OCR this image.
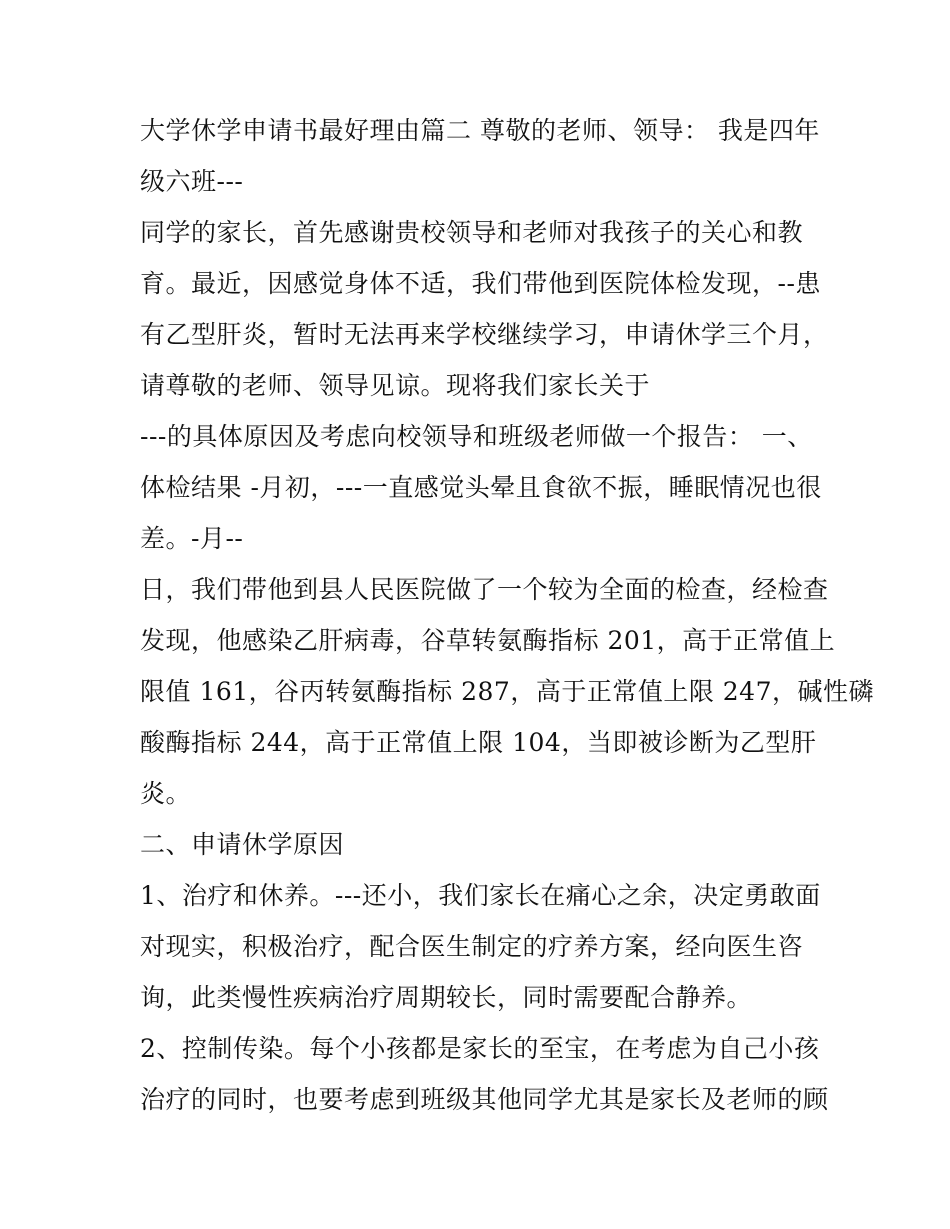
大学休学申请书最好理由篇二 尊敬的老师、领导： 我是四年
级六班---
同学的家长，首先感谢贵校领导和老师对我孩子的关心和教
育。最近，因感觉身体不适，我们带他到医院体检发现，--患
有乙型肝炎，暂时无法再来学校继续学习，申请休学三个月，
请尊敬的老师、领导见谅。现将我们家长关于
---的具体原因及考虑向校领导和班级老师做一个报告： 一、
体检结果 -月初，---一直感觉头晕且食欲不振，睡眠情况也很
差。-月--
日，我们带他到县人民医院做了一个较为全面的检查，经检查
发现，他感染乙肝病毒，谷草转氨酶指标 201，高于正常值上
限值 161，谷丙转氨酶指标 287，高于正常值上限 247，碱性磷
酸酶指标 244，高于正常值上限 104，当即被诊断为乙型肝
炎。
二、申请休学原因
1、治疗和休养。---还小，我们家长在痛心之余，决定勇敢面
对现实，积极治疗，配合医生制定的疗养方案，经向医生咨
询，此类慢性疾病治疗周期较长，同时需要配合静养。
2、控制传染。每个小孩都是家长的至宝，在考虑为自己小孩
治疗的同时，也要考虑到班级其他同学尤其是家长及老师的顾
